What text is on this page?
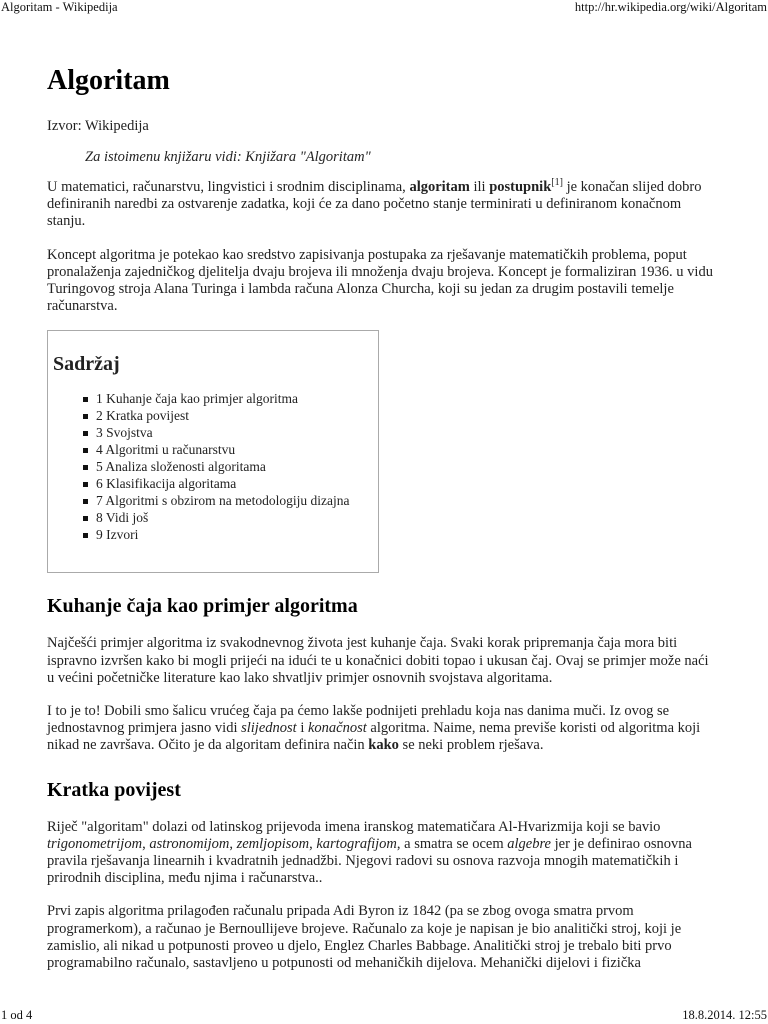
Algoritam - Wikipedija	http://hr.wikipedia.org/wiki/Algoritam
Algoritam
Izvor: Wikipedija
Za istoimenu knjižaru vidi: Knjižara "Algoritam"

U matematici, računarstvu, lingvistici i srodnim disciplinama, algoritam ili postupnik[1] je konačan slijed dobro definiranih naredbi za ostvarenje zadatka, koji će za dano početno stanje terminirati u definiranom konačnom stanju.

Koncept algoritma je potekao kao sredstvo zapisivanja postupaka za rješavanje matematičkih problema, poput pronalaženja zajedničkog djelitelja dvaju brojeva ili množenja dvaju brojeva. Koncept je formaliziran 1936. u vidu Turingovog stroja Alana Turinga i lambda računa Alonza Churcha, koji su jedan za drugim postavili temelje računarstva.

Sadržaj
1 Kuhanje čaja kao primjer algoritma
2 Kratka povijest
3 Svojstva
4 Algoritmi u računarstvu
5 Analiza složenosti algoritama
6 Klasifikacija algoritama
7 Algoritmi s obzirom na metodologiju dizajna
8 Vidi još
9 Izvori
Kuhanje čaja kao primjer algoritma

Najčešći primjer algoritma iz svakodnevnog života jest kuhanje čaja. Svaki korak pripremanja čaja mora biti ispravno izvršen kako bi mogli prijeći na idući te u konačnici dobiti topao i ukusan čaj. Ovaj se primjer može naći u većini početničke literature kao lako shvatljiv primjer osnovnih svojstava algoritama.

I to je to! Dobili smo šalicu vrućeg čaja pa ćemo lakše podnijeti prehladu koja nas danima muči. Iz ovog se jednostavnog primjera jasno vidi slijednost i konačnost algoritma. Naime, nema previše koristi od algoritma koji nikad ne završava. Očito je da algoritam definira način kako se neki problem rješava.

Kratka povijest

Riječ "algoritam" dolazi od latinskog prijevoda imena iranskog matematičara Al-Hvarizmija koji se bavio trigonometrijom, astronomijom, zemljopisom, kartografijom, a smatra se ocem algebre jer je definirao osnovna pravila rješavanja linearnih i kvadratnih jednadžbi. Njegovi radovi su osnova razvoja mnogih matematičkih i prirodnih disciplina, među njima i računarstva..

Prvi zapis algoritma prilagođen računalu pripada Adi Byron iz 1842 (pa se zbog ovoga smatra prvom programerkom), a računao je Bernoullijeve brojeve. Računalo za koje je napisan je bio analitički stroj, koji je zamislio, ali nikad u potpunosti proveo u djelo, Englez Charles Babbage. Analitički stroj je trebalo biti prvo programabilno računalo, sastavljeno u potpunosti od mehaničkih dijelova. Mehanički dijelovi i fizička

1 od 4	18.8.2014. 12:55
